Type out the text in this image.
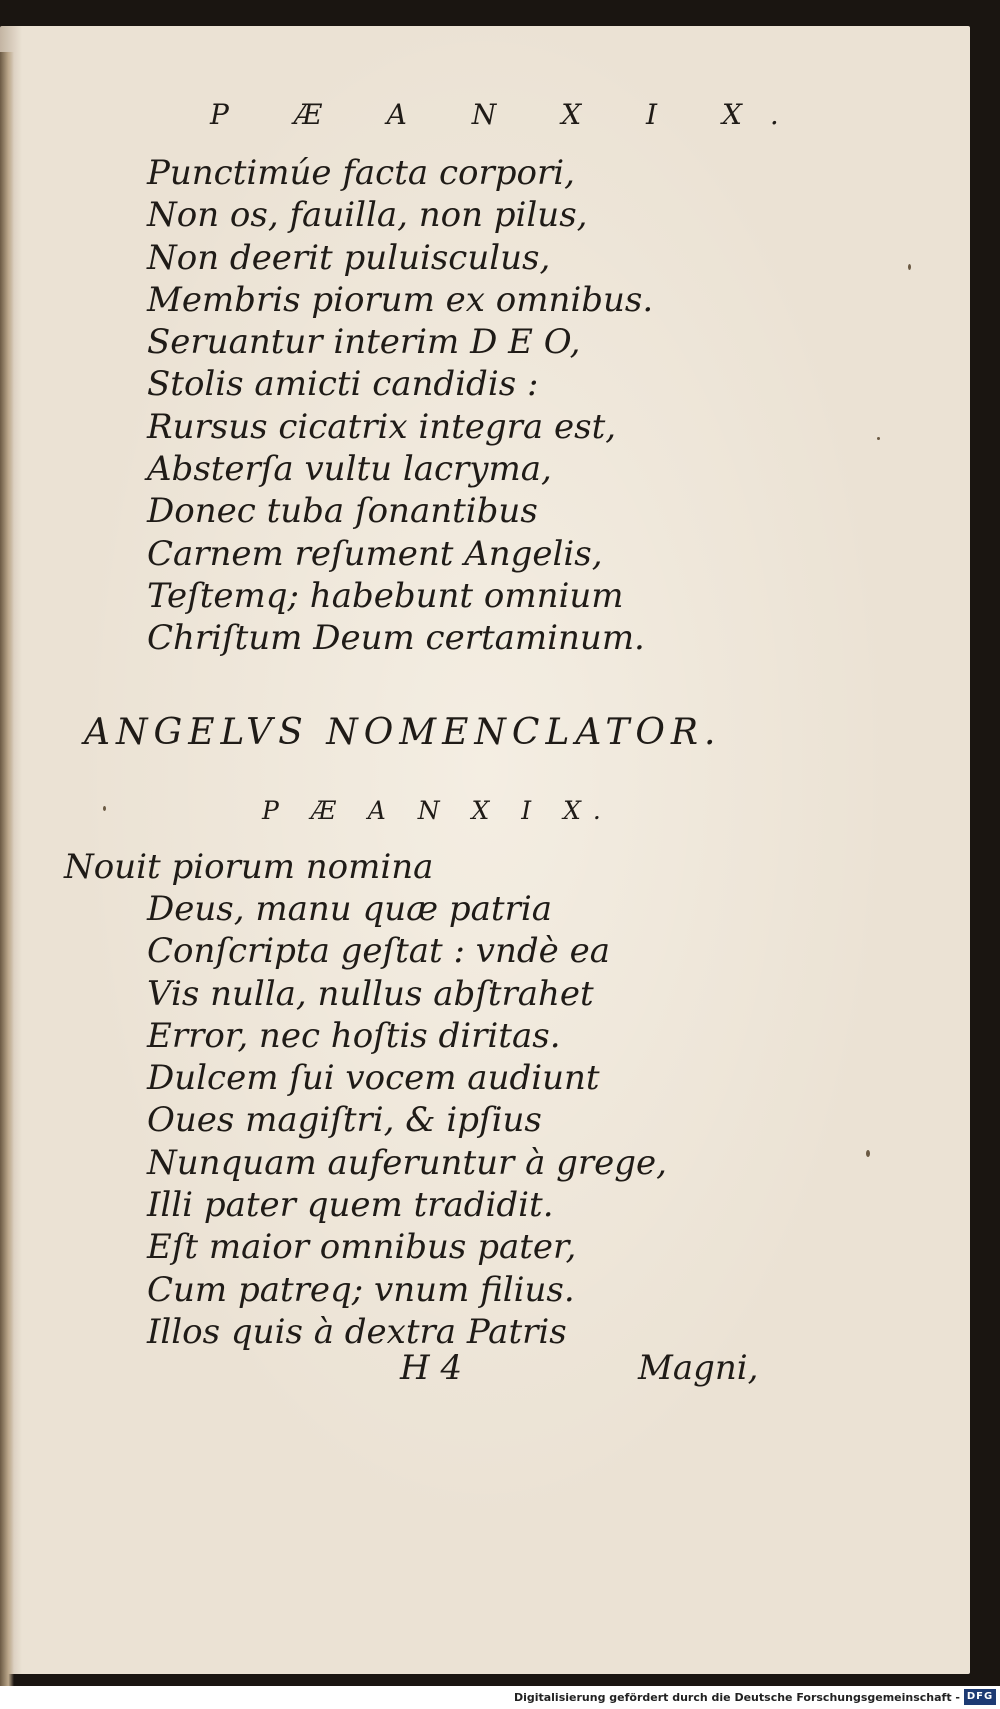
P Æ A N X I X.
Punctimúe facta corpori,
Non os, fauilla, non pilus,
Non deerit puluisculus,
Membris piorum ex omnibus.
Seruantur interim D E O,
Stolis amicti candidis :
Rursus cicatrix integra est,
Absterſa vultu lacryma,
Donec tuba ſonantibus
Carnem reſument Angelis,
Teſtemq; habebunt omnium
Chriſtum Deum certaminum.
ANGELVS NOMENCLATOR.
P Æ A N X I X.
Nouit piorum nomina
Deus, manu quæ patria
Conſcripta geſtat : vndè ea
Vis nulla, nullus abſtrahet
Error, nec hoſtis diritas.
Dulcem ſui vocem audiunt
Oues magiſtri, & ipſius
Nunquam auferuntur à grege,
Illi pater quem tradidit.
Eſt maior omnibus pater,
Cum patreq; vnum filius.
Illos quis à dextra Patris
H 4	Magni,
Digitalisierung gefördert durch die Deutsche Forschungsgemeinschaft - DFG
